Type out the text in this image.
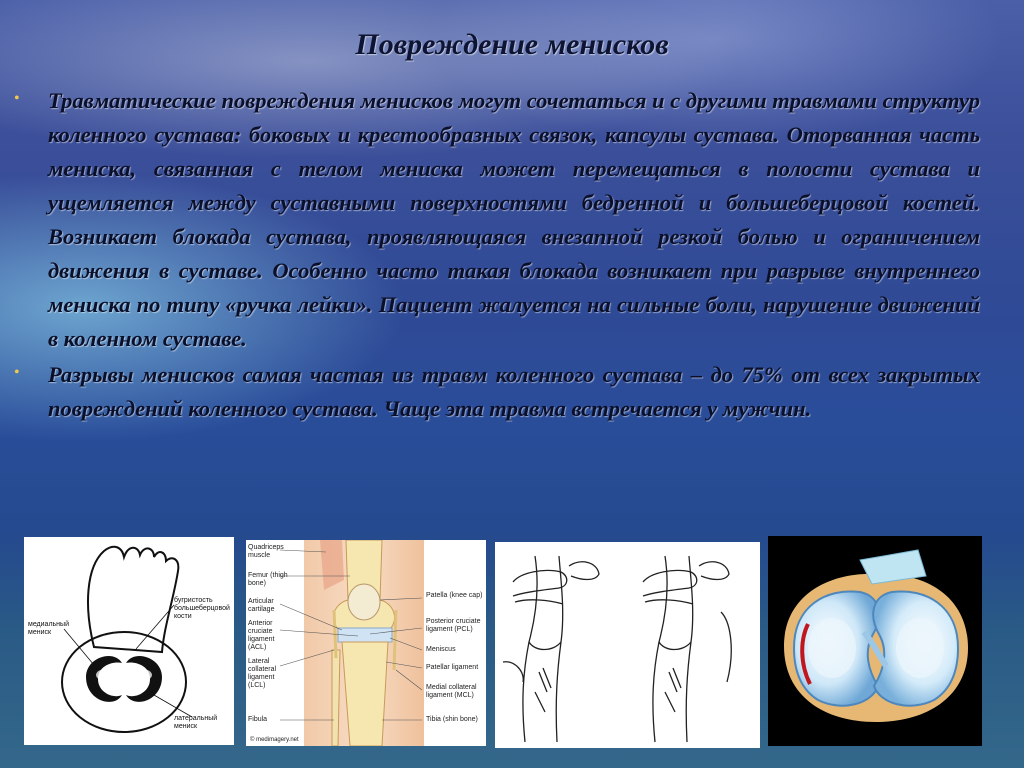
Повреждение менисков
• Травматические повреждения менисков могут сочетаться и с другими травмами структур коленного сустава: боковых и крестообразных связок, капсулы сустава. Оторванная часть мениска, связанная с телом мениска может перемещаться в полости сустава и ущемляется между суставными поверхностями бедренной и большеберцовой костей. Возникает блокада сустава, проявляющаяся внезапной резкой болью и ограничением движения в суставе. Особенно часто такая блокада возникает при разрыве внутреннего мениска по типу «ручка лейки». Пациент жалуется на сильные боли, нарушение движений в коленном суставе.
• Разрывы менисков самая частая из травм коленного сустава – до 75% от всех закрытых повреждений коленного сустава. Чаще эта травма встречается у мужчин.
бугристость большеберцовой кости
медиальный мениск
латеральный мениск
Quadriceps muscle
Femur (thigh bone)
Articular cartilage
Anterior cruciate ligament (ACL)
Lateral collateral ligament (LCL)
Fibula
Patella (knee cap)
Posterior cruciate ligament (PCL)
Meniscus
Patellar ligament
Medial collateral ligament (MCL)
Tibia (shin bone)
© medimagery.net
